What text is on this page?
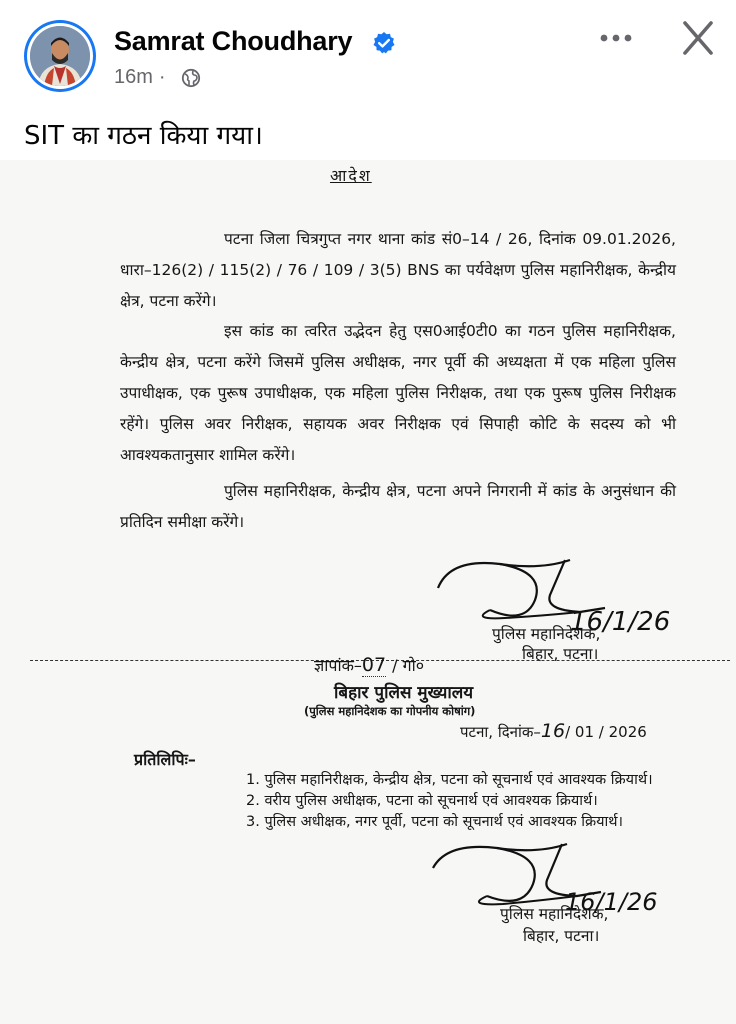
Samrat Choudhary
16m ·
SIT का गठन किया गया।
आदेश
पटना जिला चित्रगुप्त नगर थाना कांड सं0–14 / 26, दिनांक 09.01.2026, धारा–126(2) / 115(2) / 76 / 109 / 3(5) BNS का पर्यवेक्षण पुलिस महानिरीक्षक, केन्द्रीय क्षेत्र, पटना करेंगे।
इस कांड का त्वरित उद्भेदन हेतु एस0आई0टी0 का गठन पुलिस महानिरीक्षक, केन्द्रीय क्षेत्र, पटना करेंगे जिसमें पुलिस अधीक्षक, नगर पूर्वी की अध्यक्षता में एक महिला पुलिस उपाधीक्षक, एक पुरूष उपाधीक्षक, एक महिला पुलिस निरीक्षक, तथा एक पुरूष पुलिस निरीक्षक रहेंगे। पुलिस अवर निरीक्षक, सहायक अवर निरीक्षक एवं सिपाही कोटि के सदस्य को भी आवश्यकतानुसार शामिल करेंगे।
पुलिस महानिरीक्षक, केन्द्रीय क्षेत्र, पटना अपने निगरानी में कांड के अनुसंधान की प्रतिदिन समीक्षा करेंगे।
16/1/26
पुलिस महानिदेशक,
बिहार, पटना।
ज्ञापांक–07 / गो०
बिहार पुलिस मुख्यालय
(पुलिस महानिदेशक का गोपनीय कोषांग)
पटना, दिनांक–16/ 01 / 2026
प्रतिलिपिः–
1. पुलिस महानिरीक्षक, केन्द्रीय क्षेत्र, पटना को सूचनार्थ एवं आवश्यक क्रियार्थ।
2. वरीय पुलिस अधीक्षक, पटना को सूचनार्थ एवं आवश्यक क्रियार्थ।
3. पुलिस अधीक्षक, नगर पूर्वी, पटना को सूचनार्थ एवं आवश्यक क्रियार्थ।
16/1/26
पुलिस महानिदेशक,
बिहार, पटना।
